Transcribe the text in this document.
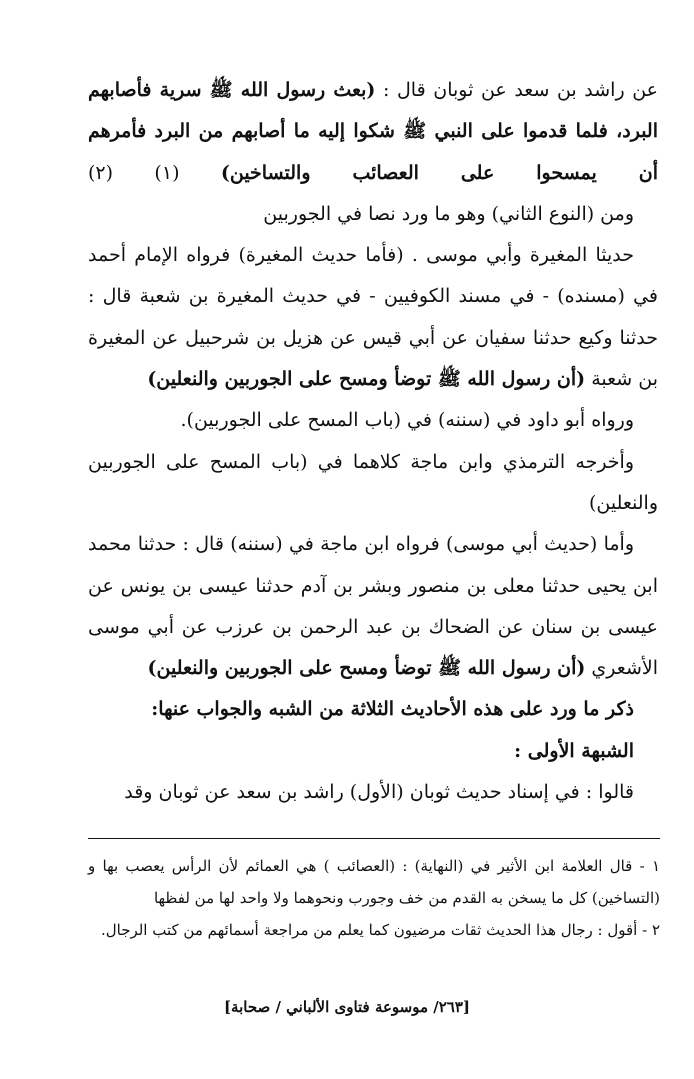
عن راشد بن سعد عن ثوبان قال : (بعث رسول الله ﷺ سرية فأصابهم البرد، فلما قدموا على النبي ﷺ شكوا إليه ما أصابهم من البرد فأمرهم أن يمسحوا على العصائب والتساخين) (١) (٢)

ومن (النوع الثاني) وهو ما ورد نصا في الجوربين

حديثا المغيرة وأبي موسى . (فأما حديث المغيرة) فرواه الإمام أحمد في (مسنده) - في مسند الكوفيين - في حديث المغيرة بن شعبة قال : حدثنا وكيع حدثنا سفيان عن أبي قيس عن هزيل بن شرحبيل عن المغيرة بن شعبة (أن رسول الله ﷺ توضأ ومسح على الجوربين والنعلين)

ورواه أبو داود في (سننه) في (باب المسح على الجوربين).

وأخرجه الترمذي وابن ماجة كلاهما في (باب المسح على الجوربين والنعلين)

وأما (حديث أبي موسى) فرواه ابن ماجة في (سننه) قال : حدثنا محمد ابن يحيى حدثنا معلى بن منصور وبشر بن آدم حدثنا عيسى بن يونس عن عيسى بن سنان عن الضحاك بن عبد الرحمن بن عرزب عن أبي موسى الأشعري (أن رسول الله ﷺ توضأ ومسح على الجوربين والنعلين)

ذكر ما ورد على هذه الأحاديث الثلاثة من الشبه والجواب عنها:

الشبهة الأولى :

قالوا : في إسناد حديث ثوبان (الأول) راشد بن سعد عن ثوبان وقد

١ - قال العلامة ابن الأثير في (النهاية) : (العصائب ) هي العمائم لأن الرأس يعصب بها و (التساخين) كل ما يسخن به القدم من خف وجورب ونحوهما ولا واحد لها من لفظها

٢ - أقول : رجال هذا الحديث ثقات مرضيون كما يعلم من مراجعة أسمائهم من كتب الرجال.

[٢٦٣/ موسوعة فتاوى الألباني / صحابة]
